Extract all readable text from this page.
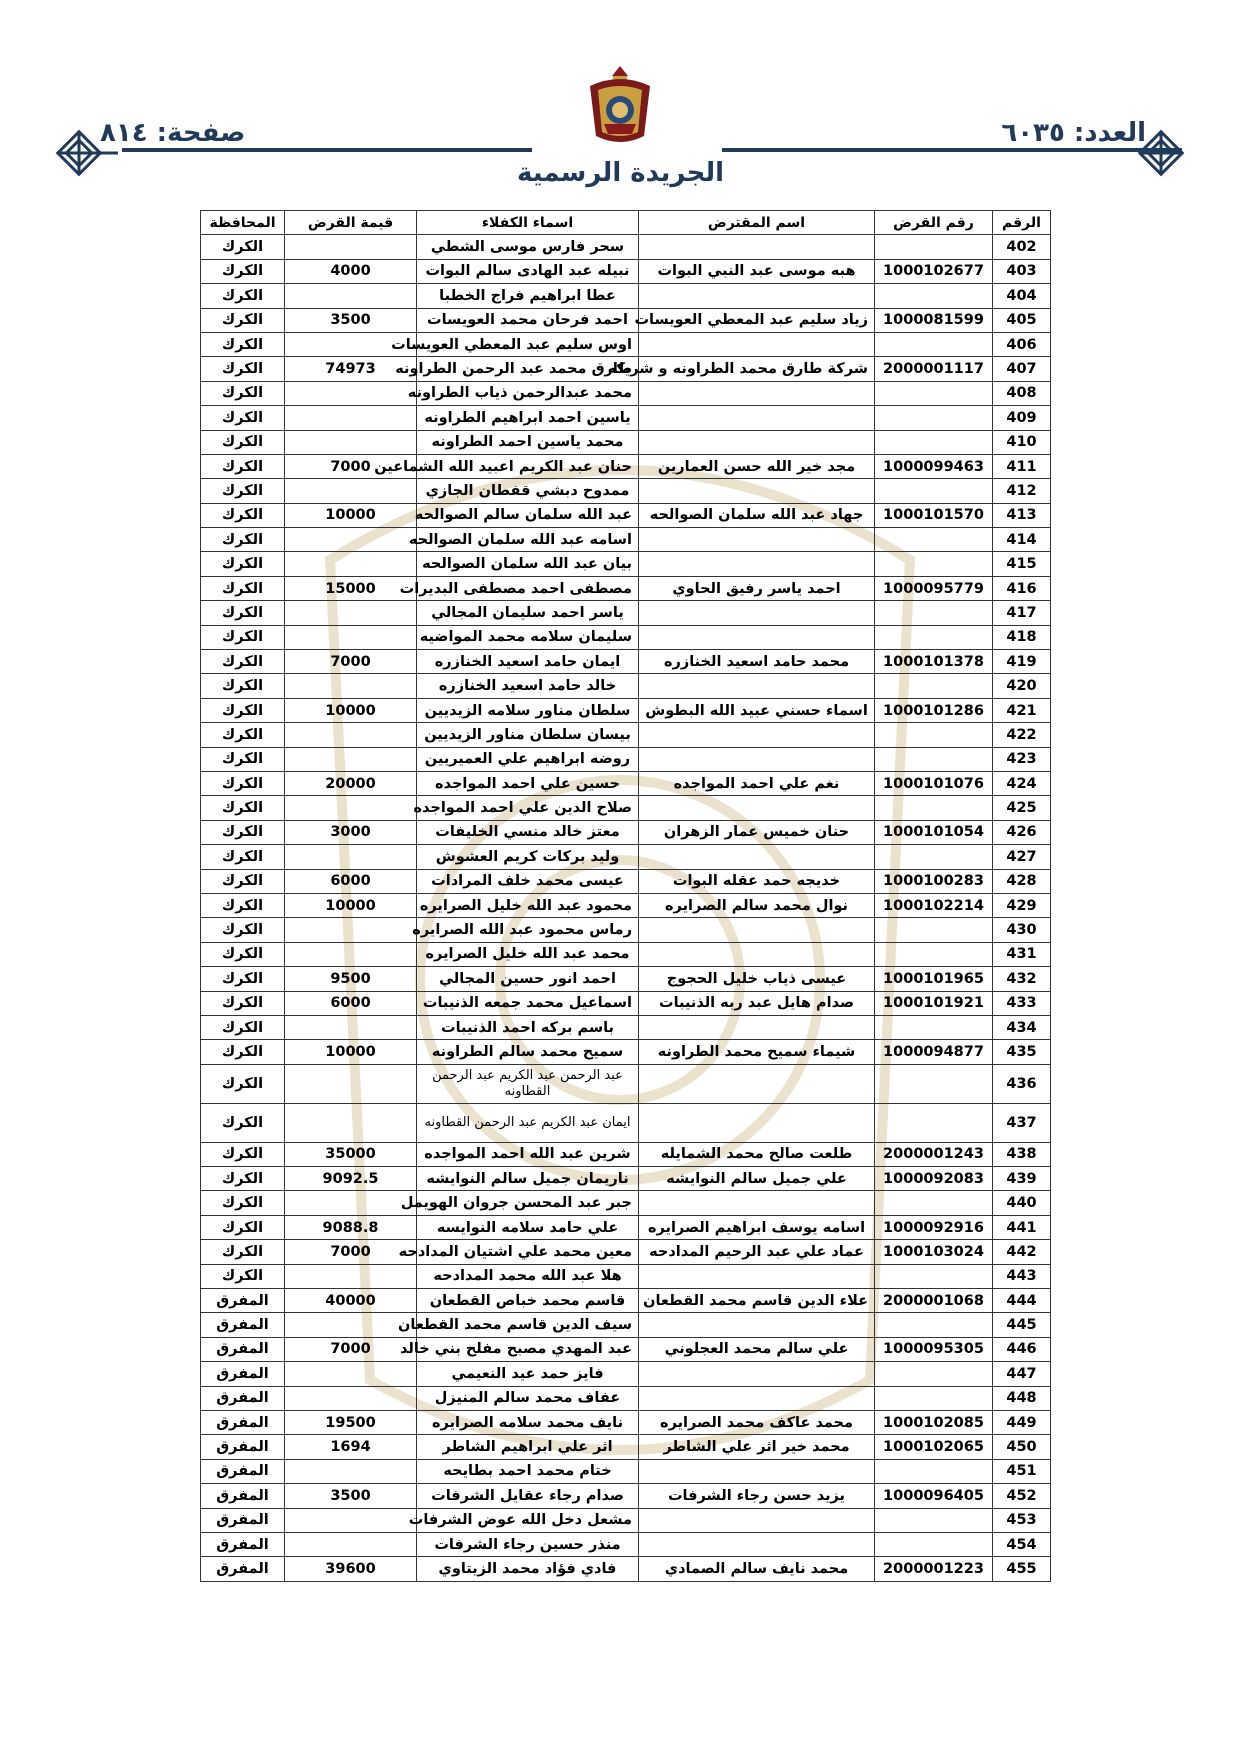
العدد: ٦٠٣٥
صفحة: ٨١٤
الجريدة الرسمية
الرقم	رقم القرض	اسم المقترض	اسماء الكفلاء	قيمة القرض	المحافظة
402			سحر فارس موسى الشطي		الكرك
403	1000102677	هبه موسى عبد النبي البوات	نبيله عبد الهادى سالم البوات	4000	الكرك
404			عطا ابراهيم فراج الخطبا		الكرك
405	1000081599	زياد سليم عبد المعطي العويسات	احمد فرحان محمد العويسات	3500	الكرك
406			اوس سليم عبد المعطي العويسات		الكرك
407	2000001117	شركة طارق محمد الطراونه و شريكه	طارق محمد عبد الرحمن الطراونه	74973	الكرك
408			محمد عبدالرحمن ذياب الطراونه		الكرك
409			ياسين احمد ابراهيم الطراونه		الكرك
410			محمد ياسين احمد الطراونه		الكرك
411	1000099463	مجد خير الله حسن العمارين	حنان عبد الكريم اعبيد الله الشماعين	7000	الكرك
412			ممدوح دبشي قفطان الجازي		الكرك
413	1000101570	جهاد عبد الله سلمان الصوالحه	عبد الله سلمان سالم الصوالحه	10000	الكرك
414			اسامه عبد الله سلمان الصوالحه		الكرك
415			بيان عبد الله سلمان الصوالحه		الكرك
416	1000095779	احمد ياسر رفيق الحاوي	مصطفى احمد مصطفى البديرات	15000	الكرك
417			ياسر احمد سليمان المجالي		الكرك
418			سليمان سلامه محمد المواضيه		الكرك
419	1000101378	محمد حامد اسعيد الخنازره	ايمان حامد اسعيد الخنازره	7000	الكرك
420			خالد حامد اسعيد الخنازره		الكرك
421	1000101286	اسماء حسني عبيد الله البطوش	سلطان مناور سلامه الزيديين	10000	الكرك
422			بيسان سلطان مناور الزيديين		الكرك
423			روضه ابراهيم علي العميريين		الكرك
424	1000101076	نغم علي احمد المواجده	حسين علي احمد المواجده	20000	الكرك
425			صلاح الدين علي احمد المواجده		الكرك
426	1000101054	حنان خميس عمار الزهران	معتز خالد منسي الخليفات	3000	الكرك
427			وليد بركات كريم العشوش		الكرك
428	1000100283	خديجه حمد عقله البوات	عيسى محمد خلف المرادات	6000	الكرك
429	1000102214	نوال محمد سالم الصرايره	محمود عبد الله خليل الصرايره	10000	الكرك
430			رماس محمود عبد الله الصرايره		الكرك
431			محمد عبد الله خليل الصرايره		الكرك
432	1000101965	عيسى ذياب خليل الحجوج	احمد انور حسين المجالي	9500	الكرك
433	1000101921	صدام هايل عبد ربه الذنيبات	اسماعيل محمد جمعه الذنيبات	6000	الكرك
434			باسم بركه احمد الذنيبات		الكرك
435	1000094877	شيماء سميح محمد الطراونه	سميح محمد سالم الطراونه	10000	الكرك
436			عبد الرحمن عبد الكريم عبد الرحمن القطاونه		الكرك
437			ايمان عبد الكريم عبد الرحمن القطاونه		الكرك
438	2000001243	طلعت صالح محمد الشمايله	شرين عبد الله احمد المواجده	35000	الكرك
439	1000092083	علي جميل سالم النوايشه	ناريمان جميل سالم النوايشه	9092.5	الكرك
440			جبر عبد المحسن جروان الهويمل		الكرك
441	1000092916	اسامه يوسف ابراهيم الصرايره	علي حامد سلامه النوايسه	9088.8	الكرك
442	1000103024	عماد علي عبد الرحيم المدادحه	معين محمد علي اشتيان المدادحه	7000	الكرك
443			هلا عبد الله محمد المدادحه		الكرك
444	2000001068	علاء الدين قاسم محمد القطعان	قاسم محمد خباص القطعان	40000	المفرق
445			سيف الدين قاسم محمد القطعان		المفرق
446	1000095305	علي سالم محمد العجلوني	عبد المهدي مصبح مفلح بني خالد	7000	المفرق
447			فايز حمد عيد النعيمي		المفرق
448			عفاف محمد سالم المنيزل		المفرق
449	1000102085	محمد عاكف محمد الصرايره	نايف محمد سلامه الصرايره	19500	المفرق
450	1000102065	محمد خير اثر علي الشاطر	اثر علي ابراهيم الشاطر	1694	المفرق
451			ختام محمد احمد بطايحه		المفرق
452	1000096405	يزيد حسن رجاء الشرفات	صدام رجاء عقايل الشرفات	3500	المفرق
453			مشعل دخل الله عوض الشرفات		المفرق
454			منذر حسين رجاء الشرفات		المفرق
455	2000001223	محمد نايف سالم الصمادي	فادي فؤاد محمد الزيتاوي	39600	المفرق
